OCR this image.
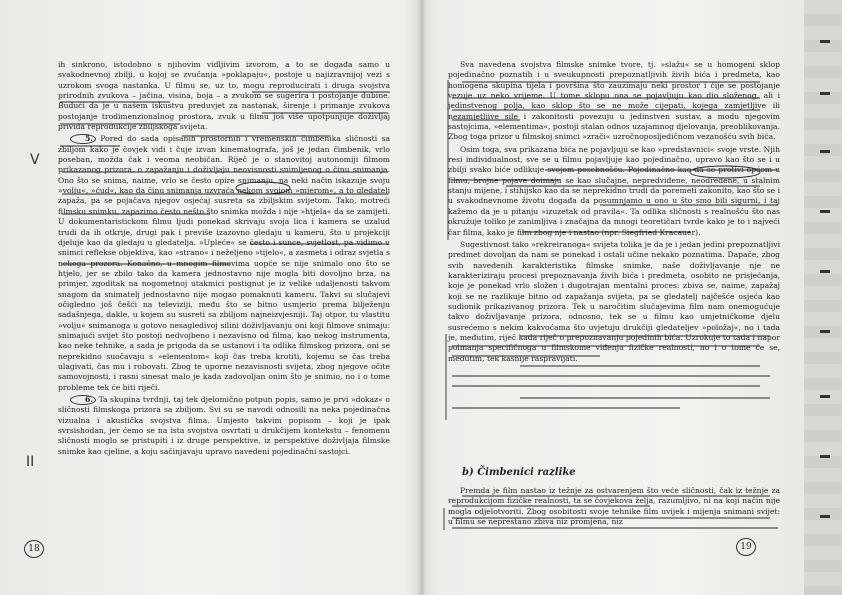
ih sinkrono, istodobno s njihovim vidljivim izvorom, a to se događa samo u svakodnevnoj zbilji, u kojoj se zvučanja »poklapaju«, postoje u najizravnijoj vezi s uzrokom svoga nastanka. U filmu se, uz to, mogu reproducirati i druga svojstva prirodnih zvukova – jačina, visina, boja – a zvukom se sugerira i postojanje dubine. Budući da je u našem iskustvu preduvjet za nastanak, širenje i primanje zvukova postojanje trodimenzionalnog prostora, zvuk u filmu još više upotpunjuje doživljaj privida reprodukcije zbiljskoga svijeta.

5. Pored do sada opisanih prostornih i vremenskih čimbenika sličnosti sa zbiljom kako je čovjek vidi i čuje izvan kinematografa, još je jedan čimbenik, vrlo poseban, možda čak i veoma neobičan. Riječ je o stanovitoj autonomiji filmom prikazanog prizora, o zapažanju i doživljaju neovisnosti snimljenog o činu snimanja. Ono što se snima, naime, vrlo se često opire snimanju, na neki način iskazuje svoju »volju«, »ćud«, kao da činu snimanja uzvraća nekom svojom »mjerom«, a to gledatelj zapaža, pa se pojačava njegov osjećaj susreta sa zbiljskim svijetom. Tako, motreći filmsku snimku, zapazimo često nešto što snimka možda i nije »htjela« da se zamijeti. U dokumentaristickom filmu ljudi ponekad skrivaju svoja lica i kamera se uzalud trudi da ih otkrije, drugi pak i previše izazovno gledaju u kameru, što u projekciji djeluje kao da gledaju u gledatelja. »Upleće« se često i sunce, svjetlost, pa vidimo u snimci reflekse objektiva, kao »strano« i neželjeno »tijelo«, a zasmeta i odraz svjetla s nekoga prozora. Konačno, u mnogim filmovima uopće se nije snimalo ono što se htjelo, jer se zbilo tako da kamera jednostavno nije mogla biti dovoljno brza, na primjer, zgoditak na nogometnoj utakmici postignut je iz velike udaljenosti takvom snagom da snimatelj jednostavno nije mogao pomaknuti kameru. Takvi su slučajevi očigledno još češći na televiziji, među što se bitno usmjerio prema bilježenju sadašnjega, dakle, u kojem su susreti sa zbiljom najneizvjesniji. Taj otpor, tu vlastitu »volju« snimanoga u gotovo nesagledivoj silini doživljavanju oni koji filmove snimaju: snimajući svijet što postoji nedvojbeno i nezavisno od filma, kao nekog instrumenta, kao neke tehnike, a sada je prigoda da se ustanovi i ta odlika filmskog prizora, oni se neprekidno suočavaju s »elementom« koji čas trebа krotiti, kojemu se čas treba ulagivati, čas mu i robovati. Zbog te uporne nezavisnosti svijeta, zbog njegove očite samovojnosti, i rasni sinesat malo je kada zadovoljan onim što je snimio, no i o tome probleme tek će biti riječi.

6. Ta skupina tvrdnji, taj tek djelomično potpun popis, samo je prvi »dokaz« o sličnosti filmskoga prizora sa zbiljom. Svi su se navodi odnosili na neka pojedinačna vizualna i akustička svojstva filma. Umjesto takvim popisom – koji je ipak svrsishodan, jer ćemo se na ista svojstva osvrtati u drukčijem kontekstu – fenomenu sličnosti moglo se pristupiti i iz druge perspektive, iz perspektive doživljaja filmske snimke kao cjeline, a koju sačinjavaju upravo navedeni pojedinačni sastojci.

Sva navedena svojstva filmske snimke tvore, tj. »slažu« se u homogeni sklop pojedinačno poznatih i u sveukupnosti prepoznatljivih živih bića i predmeta, kao homogena skupina tijela i površina što zauzimaju neki prostor i čije se postojanje vezuje uz neko vrijeme. U tome sklopu ona se pojavljuju kao dio složenog, ali i jedinstvenog polja, kao sklop što se ne može cijepati, kojega zamjetljive ili nezamjetljive sile i zakonitosti povezuju u jedinstven sustav, a modu njegovim sastojcima, »elementima«, postoji stalan odnos uzajamnog djelovanja, preoblikovanja. Zbog toga prizor u filmskoj snimci »zrači« uzročnoposljedičnom vezanošću svih bića.

Osim toga, sva prikazana bića ne pojavljuju se kao »predstavnici« svoje vrste. Njih resi individualnost, sve se u filmu pojavljuje kao pojedinačno, upravo kao što se i u zbilji svako biće odlikuje svojom posebnošću. Pojedinačno kao da se protivi općem u filmu, brojne pojave doimaju se kao slučajne, nepredviđene, neodređene, u stalnim stanju mijene, i stihijsko kao da se neprekidno trudi da poremeti zakonito, kao što se i u svakodnevnome životu događa da posumnjamo u ono u što smo bili sigurni, i taj kažemo da je u pitanju »izuzetak od pravila«. Ta odlika sličnosti s realnošću što nas okružuje toliko je zanimljiva i značajna da mnogi teoretičari tvrde kako je to i najveći čar filma, kako je film zbog nje i nastao (npr. Siegfried Kracauer).

Sugestivnost tako »rekreiranoga« svijeta tolika je da je i jedan jedini prepoznatljivi predmet dovoljan da nam se ponekad i ostali učine nekako poznatima. Dapače, zbog svih navedenih karakteristika filmske snimke, naše doživljavanje nje ne karakteriziraju procesi prepoznavanja živih bića i predmeta, osobito ne prisjećanja, koje je ponekad vrlo složen i dugotrajan mentalni proces: zbiva se, naime, zapažaj koji se ne razlikuje bitno od zapažanja svijeta, pa se gledatelj najčešće osjeća kao sudionik prikazivanog prizora. Tek u naročitim slučajevima film nam onemogućuje takvo doživljavanje prizora, odnosno, tek se u filmu kao umjetničkome djelu susrećemo s nekim kakvoćama što uvjetuju drukčiji gledateljev »položaj«, no i tada je, međutim, riječ kada riječ o prepoznavanju pojedinih bića. Uzrokuje to tada i napor poimanja specifičnoga u filmskome viđenju fizičke realnosti, no i o tome će se, međutim, tek kasnije raspravljati.

b) Čimbenici razlike

Premda je film nastao iz težnje za ostvarenjem što veće sličnosti, čak iz težnje za reprodukcijom fizičke realnosti, ta se čovjekova želja, razumljivo, ni na koji način nije mogla odjelotvoriti. Zbog osobitosti svoje tehnike film uvijek i mijenja snimani svijet: u filmu se neprestano zbiva niz promjena, niz

18	19
V
II
